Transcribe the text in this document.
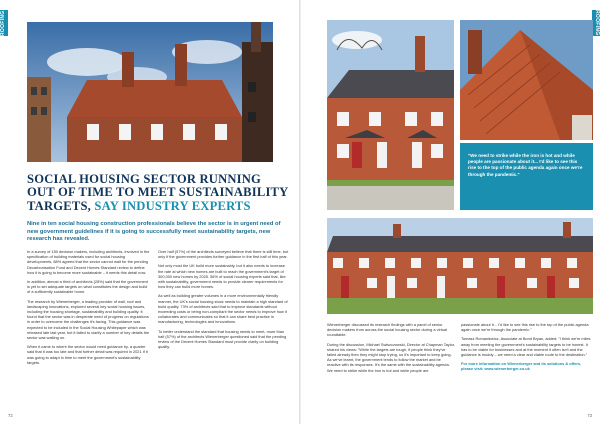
ROOFING
SOCIAL HOUSING SECTOR RUNNING OUT OF TIME TO MEET SUSTAINABILITY TARGETS, SAY INDUSTRY EXPERTS
Nine in ten social housing construction professionals believe the sector is in urgent need of new government guidelines if it is going to successfully meet sustainability targets, new research has revealed.

In a survey of 150 decision makers, including architects, involved in the specification of building materials used for social housing developments, 88% agreed that the sector cannot wait for the pending Decarbonisation Fund and Decent Homes Standard review to define how it is going to become more sustainable – it needs this detail now.

In addition, almost a third of architects (28%) said that the government is yet to set adequate targets on what constitutes the design and build of a sufficiently sustainable home.

The research by Wienerberger, a leading provider of wall, roof and landscaping innovations, explored several key social housing issues, including the housing shortage, sustainability and building quality. It found that the sector was in desperate need of progress on regulations in order to overcome the challenges it's facing. This guidance was expected to be included in the Social Housing Whitepaper which was released late last year, but it failed to clarify a number of key details the sector was waiting on.

When it came to where the sector would need guidance by, a quarter said that it was too late and that further detail was required in 2021 if it was going to adapt in time to meet the government's sustainability targets.

Over half (57%) of the architects surveyed believe that there is still time, but only if the government provides further guidance in the first half of this year.

Not only must the UK build more sustainably, but it also needs to increase the rate at which new homes are built to reach the government's target of 300,000 new homes by 2025. 56% of social housing experts said that, like with sustainability, government needs to provide clearer requirements for how they can build more homes.

As well as building greater volumes in a more environmentally friendly manner, the UK's social housing stock needs to maintain a high standard of build quality. 73% of architects said that to improve standards without exceeding costs or being non-compliant the sector needs to improve how it collaborates and communicates so that it can share best practice in manufacturing, technologies and innovations.

To better understand the standard that housing needs to meet, more than half (57%) of the architects Wienerberger questioned said that the pending review of the Decent Homes Standard must provide clarity on building quality.

72
ROOFING
"We need to strike while the iron is hot and while people are passionate about it... I'd like to see this rise to the top of the public agenda again once we're through the pandemic."

Wienerberger discussed its research findings with a panel of senior decision makers from across the social housing sector during a virtual roundtable.

During the discussion, Michael Swiszczowski, Director at Chapman Taylor, shared his views: "While the targets are tough, if people think they've failed already then they might stop trying, so it's important to keep going. As we've learnt, the government tends to follow the market and be reactive with its responses. It's the same with the sustainability agenda. We need to strike while the iron is hot and while people are

passionate about it... I'd like to see this rise to the top of the public agenda again once we're through the pandemic."

Tomasz Romaniewicz, Associate at Bond Bryan, added: "I think we're miles away from meeting the government's sustainability targets to be honest. It has to be viable for businesses and at the moment it often isn't and the guidance is muddy – we need a clear and viable route to the destination."

For more information on Wienerberger and its solutions & offers, please visit: www.wienerberger.co.uk

73
